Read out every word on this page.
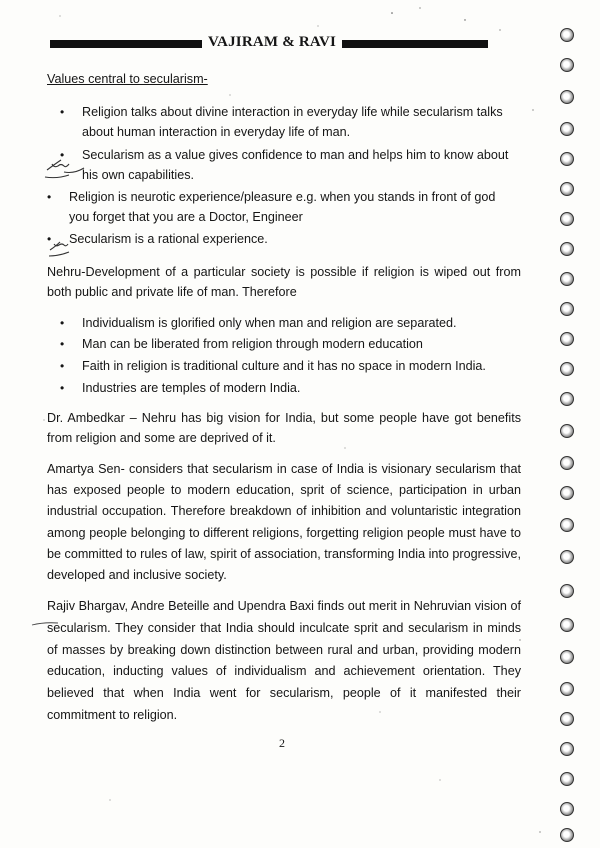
VAJIRAM & RAVI
Values central to secularism-
• Religion talks about divine interaction in everyday life while secularism talks about human interaction in everyday life of man.
• Secularism as a value gives confidence to man and helps him to know about his own capabilities.
• Religion is neurotic experience/pleasure e.g. when you stands in front of god you forget that you are a Doctor, Engineer
• Secularism is a rational experience.
Nehru-Development of a particular society is possible if religion is wiped out from both public and private life of man. Therefore
• Individualism is glorified only when man and religion are separated.
• Man can be liberated from religion through modern education
• Faith in religion is traditional culture and it has no space in modern India.
• Industries are temples of modern India.
Dr. Ambedkar – Nehru has big vision for India, but some people have got benefits from religion and some are deprived of it.
Amartya Sen- considers that secularism in case of India is visionary secularism that has exposed people to modern education, sprit of science, participation in urban industrial occupation. Therefore breakdown of inhibition and voluntaristic integration among people belonging to different religions, forgetting religion people must have to be committed to rules of law, spirit of association, transforming India into progressive, developed and inclusive society.
Rajiv Bhargav, Andre Beteille and Upendra Baxi finds out merit in Nehruvian vision of secularism. They consider that India should inculcate sprit and secularism in minds of masses by breaking down distinction between rural and urban, providing modern education, inducting values of individualism and achievement orientation. They believed that when India went for secularism, people of it manifested their commitment to religion.
2
